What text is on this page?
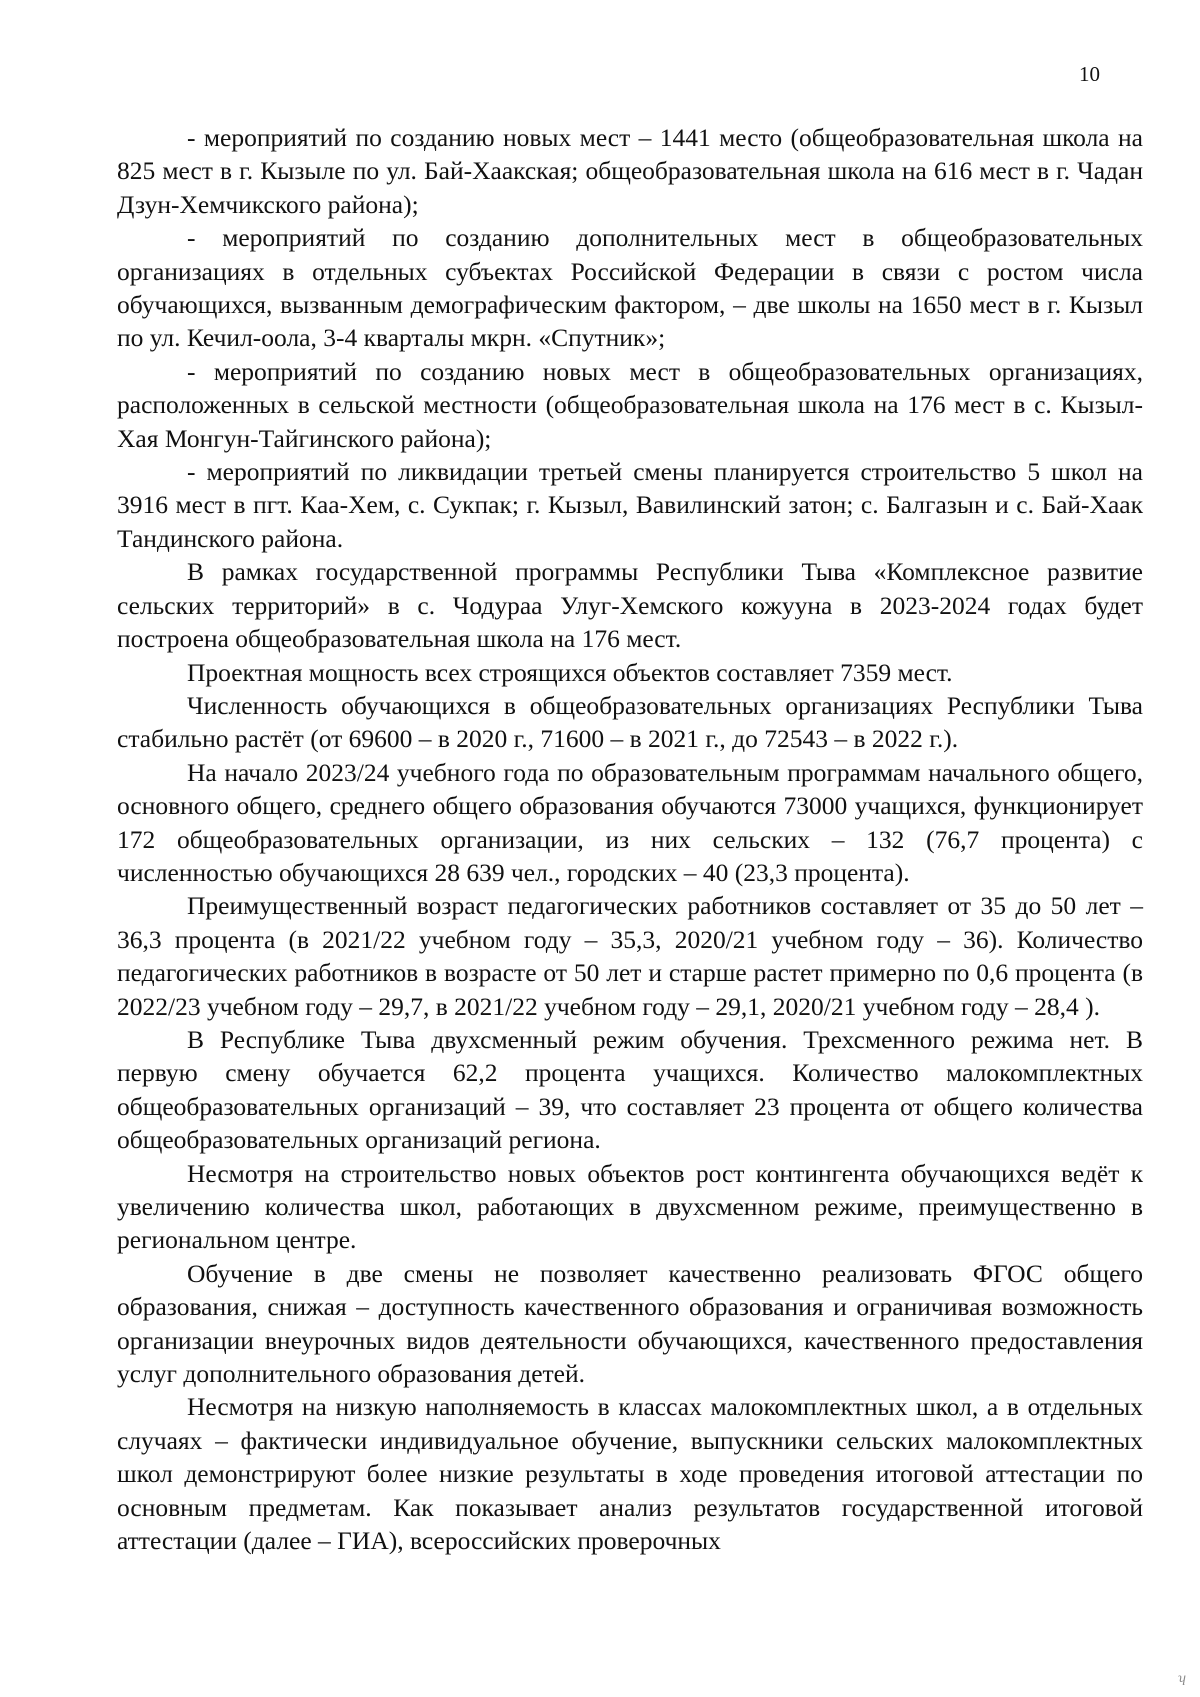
10

- мероприятий по созданию новых мест – 1441 место (общеобразовательная школа на 825 мест в г. Кызыле по ул. Бай-Хаакская; общеобразовательная школа на 616 мест в г. Чадан Дзун-Хемчикского района);

- мероприятий по созданию дополнительных мест в общеобразовательных организациях в отдельных субъектах Российской Федерации в связи с ростом числа обучающихся, вызванным демографическим фактором, – две школы на 1650 мест в г. Кызыл по ул. Кечил-оола, 3-4 кварталы мкрн. «Спутник»;

- мероприятий по созданию новых мест в общеобразовательных организациях, расположенных в сельской местности (общеобразовательная школа на 176 мест в с. Кызыл-Хая Монгун-Тайгинского района);

- мероприятий по ликвидации третьей смены планируется строительство 5 школ на 3916 мест в пгт. Каа-Хем, с. Сукпак; г. Кызыл, Вавилинский затон; с. Балгазын и с. Бай-Хаак Тандинского района.

В рамках государственной программы Республики Тыва «Комплексное развитие сельских территорий» в с. Чодураа Улуг-Хемского кожууна в 2023-2024 годах будет построена общеобразовательная школа на 176 мест.

Проектная мощность всех строящихся объектов составляет 7359 мест.

Численность обучающихся в общеобразовательных организациях Республики Тыва стабильно растёт (от 69600 – в 2020 г., 71600 – в 2021 г., до 72543 – в 2022 г.).

На начало 2023/24 учебного года по образовательным программам начального общего, основного общего, среднего общего образования обучаются 73000 учащихся, функционирует 172 общеобразовательных организации, из них сельских – 132 (76,7 процента) с численностью обучающихся 28 639 чел., городских – 40 (23,3 процента).

Преимущественный возраст педагогических работников составляет от 35 до 50 лет – 36,3 процента (в 2021/22 учебном году – 35,3, 2020/21 учебном году – 36). Количество педагогических работников в возрасте от 50 лет и старше растет примерно по 0,6 процента (в 2022/23 учебном году – 29,7, в 2021/22 учебном году – 29,1, 2020/21 учебном году – 28,4 ).

В Республике Тыва двухсменный режим обучения. Трехсменного режима нет. В первую смену обучается 62,2 процента учащихся. Количество малокомплектных общеобразовательных организаций – 39, что составляет 23 процента от общего количества общеобразовательных организаций региона.

Несмотря на строительство новых объектов рост контингента обучающихся ведёт к увеличению количества школ, работающих в двухсменном режиме, преимущественно в региональном центре.

Обучение в две смены не позволяет качественно реализовать ФГОС общего образования, снижая – доступность качественного образования и ограничивая возможность организации внеурочных видов деятельности обучающихся, качественного предоставления услуг дополнительного образования детей.

Несмотря на низкую наполняемость в классах малокомплектных школ, а в отдельных случаях – фактически индивидуальное обучение, выпускники сельских малокомплектных школ демонстрируют более низкие результаты в ходе проведения итоговой аттестации по основным предметам. Как показывает анализ результатов государственной итоговой аттестации (далее – ГИА), всероссийских проверочных

ʮ
